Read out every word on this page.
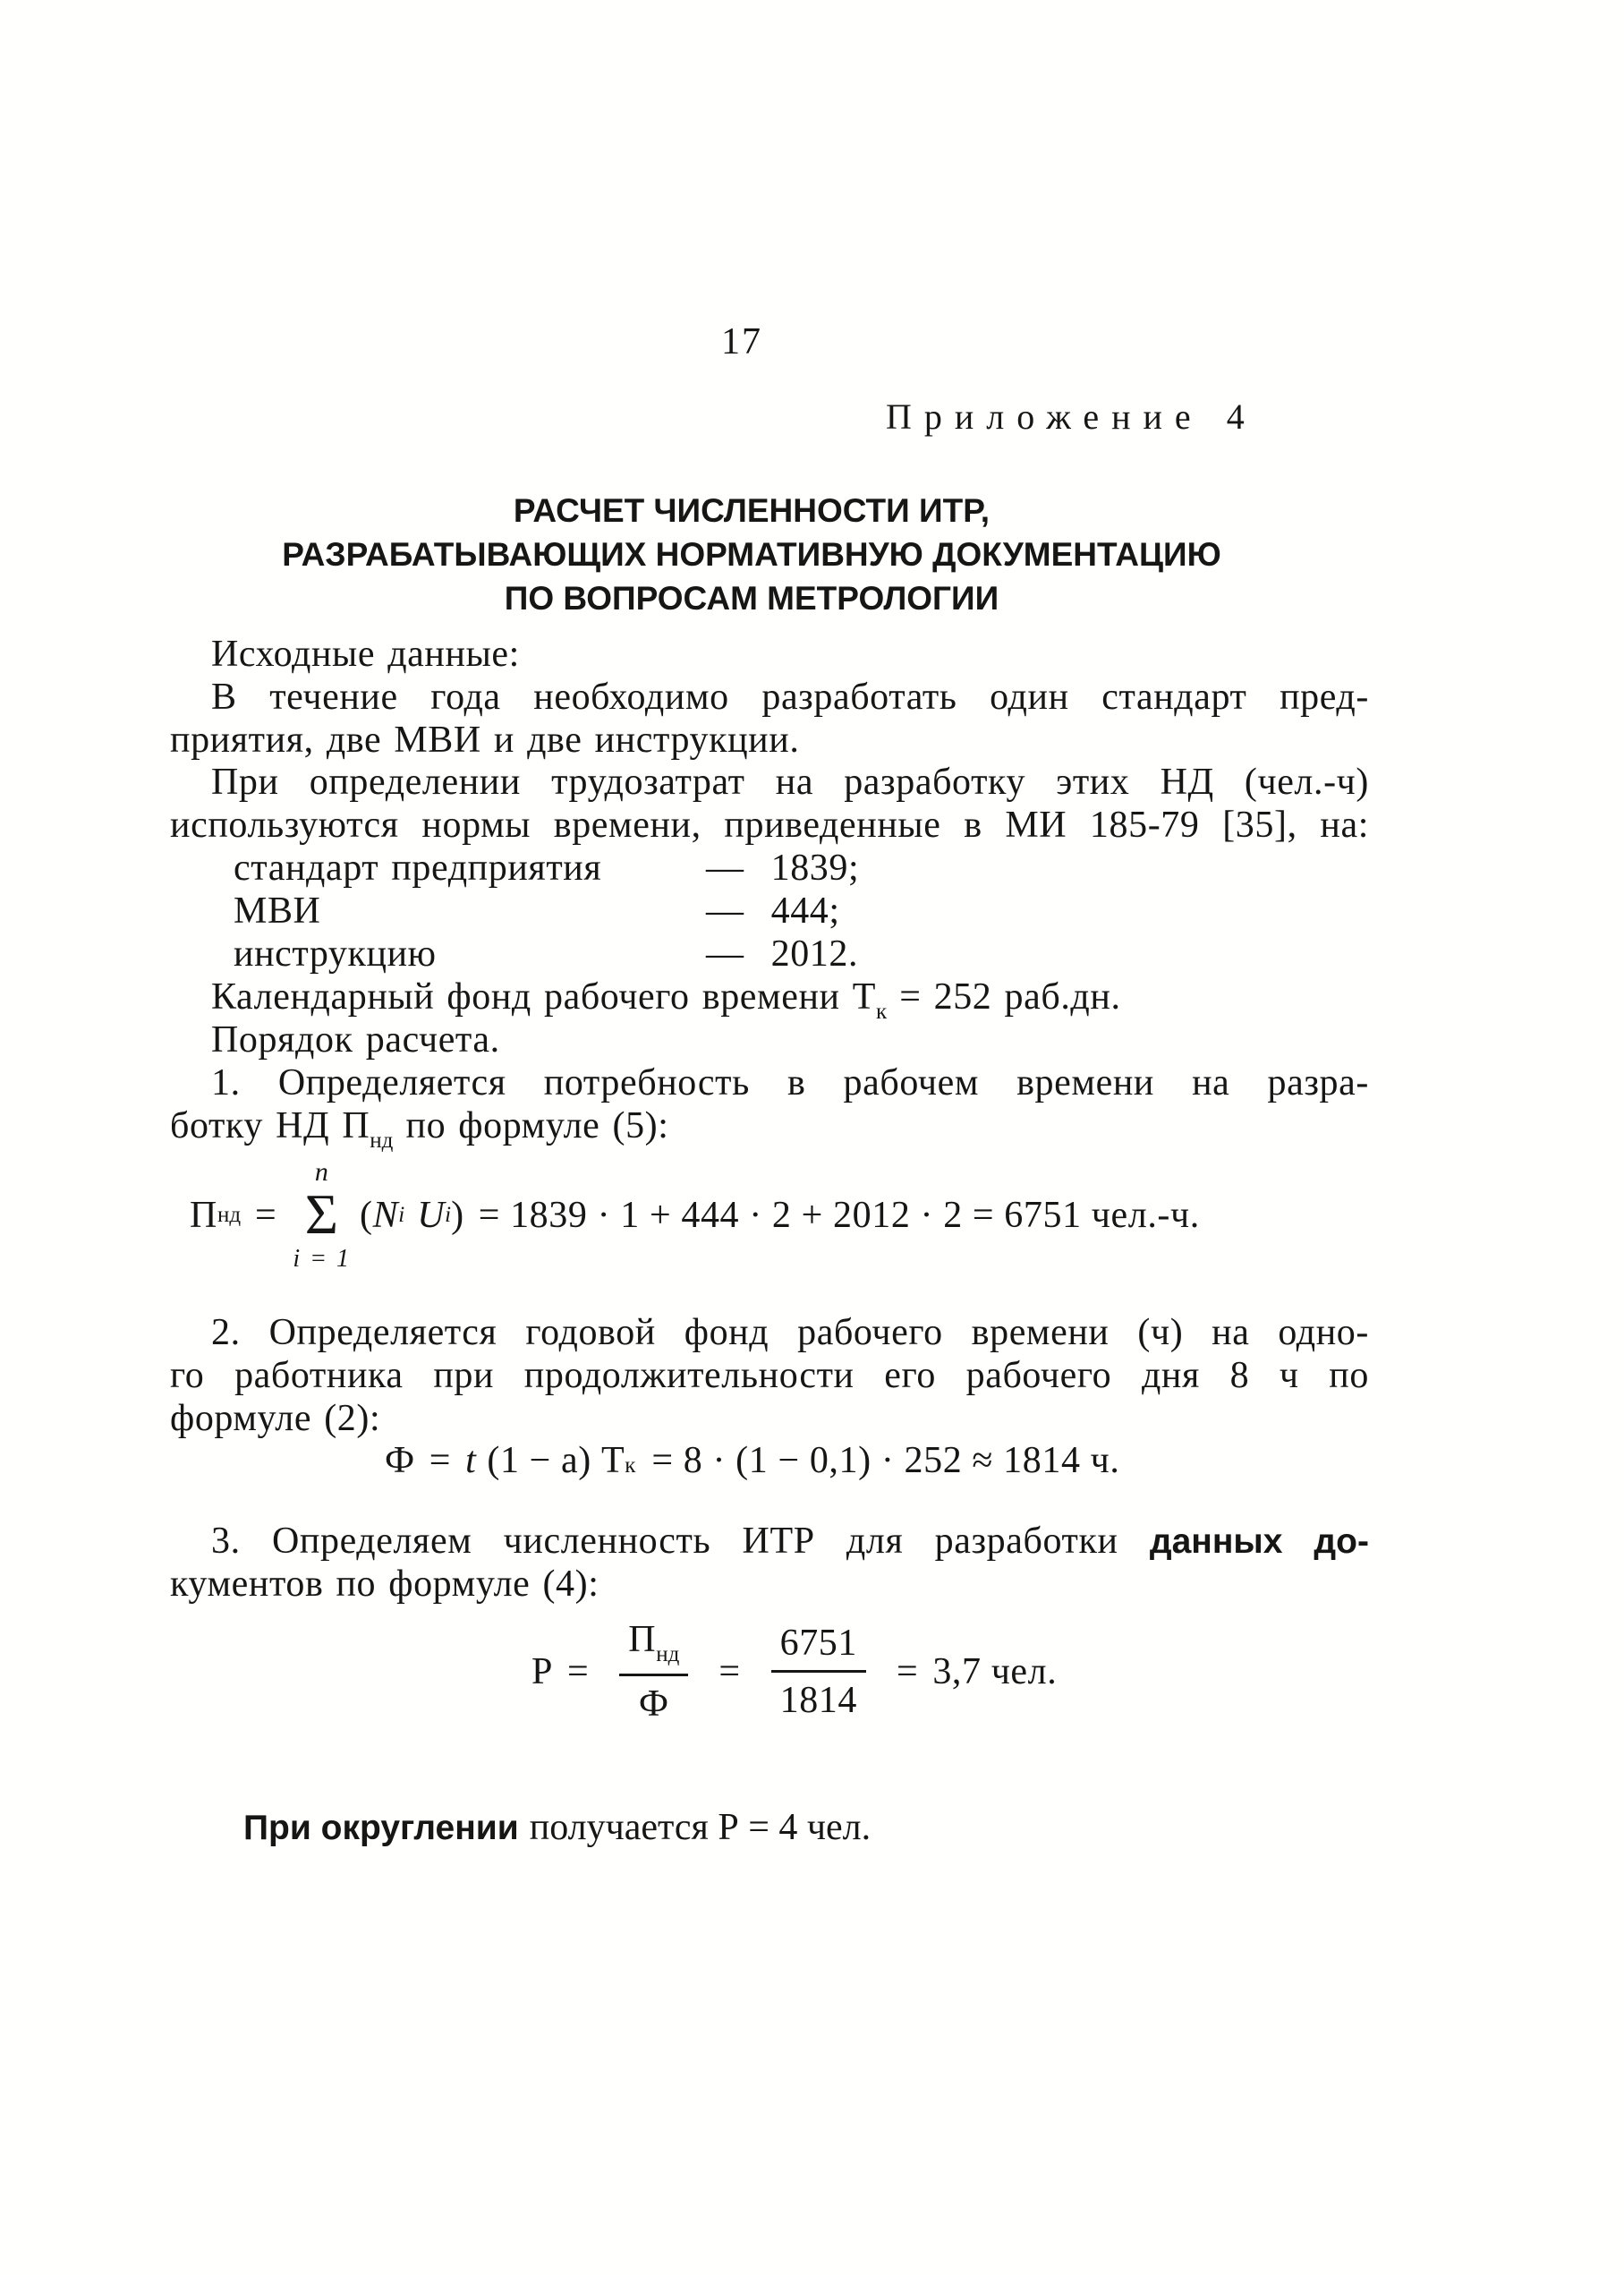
17
Приложение 4
РАСЧЕТ ЧИСЛЕННОСТИ ИТР,
РАЗРАБАТЫВАЮЩИХ НОРМАТИВНУЮ ДОКУМЕНТАЦИЮ
ПО ВОПРОСАМ МЕТРОЛОГИИ
Исходные данные:
В течение года необходимо разработать один стандарт пред-
приятия, две МВИ и две инструкции.
При определении трудозатрат на разработку этих НД (чел.-ч)
используются нормы времени, приведенные в МИ 185-79 [35], на:
стандарт предприятия	— 1839;
МВИ	— 444;
инструкцию	— 2012.
Календарный фонд рабочего времени $Т_к = 252$ раб.дн.
Порядок расчета.
1. Определяется потребность в рабочем времени на разра-
ботку НД $П_{нд}$ по формуле (5):
П нд =
n
Σ
i = 1
( N i U i ) = 1839 · 1 + 444 · 2 + 2012 · 2 = 6751 чел.-ч.
2. Определяется годовой фонд рабочего времени (ч) на одно-
го работника при продолжительности его рабочего дня 8 ч по
формуле (2):
Ф = t (1 − а) Т к = 8 · (1 − 0,1) · 252 ≈ 1814 ч.
3. Определяем численность ИТР для разработки данных до-
кументов по формуле (4):
$Р = \frac{П_{нд}}{Ф} = \frac{6751}{1814} = 3,7$ чел.
При округлении получается Р = 4 чел.
